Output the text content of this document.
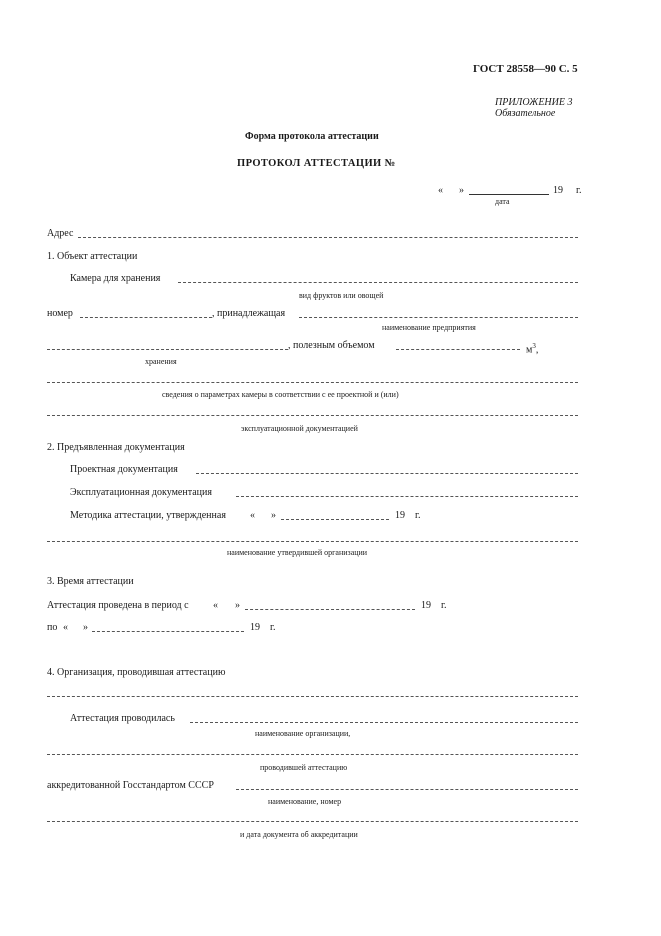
ГОСТ 28558—90 С. 5
ПРИЛОЖЕНИЕ 3
Обязательное
Форма протокола аттестации
ПРОТОКОЛ АТТЕСТАЦИИ №
« »	19 г.
дата
Адрес
1. Объект аттестации
Камера для хранения
вид фруктов или овощей
номер	, принадлежащая
наименование предприятия
, полезным объемом	$м^3$,
хранения
сведения о параметрах камеры в соответствии с ее проектной и (или)
эксплуатационной документацией
2. Предъявленная документация
Проектная документация
Эксплуатационная документация
Методика аттестации, утвержденная « »	19 г.
наименование утвердившей организации
3. Время аттестации
Аттестация проведена в период с « »	19 г.
по « »	19 г.
4. Организация, проводившая аттестацию
Аттестация проводилась
наименование организации,
проводившей аттестацию
аккредитованной Госстандартом СССР
наименование, номер
и дата документа об аккредитации
